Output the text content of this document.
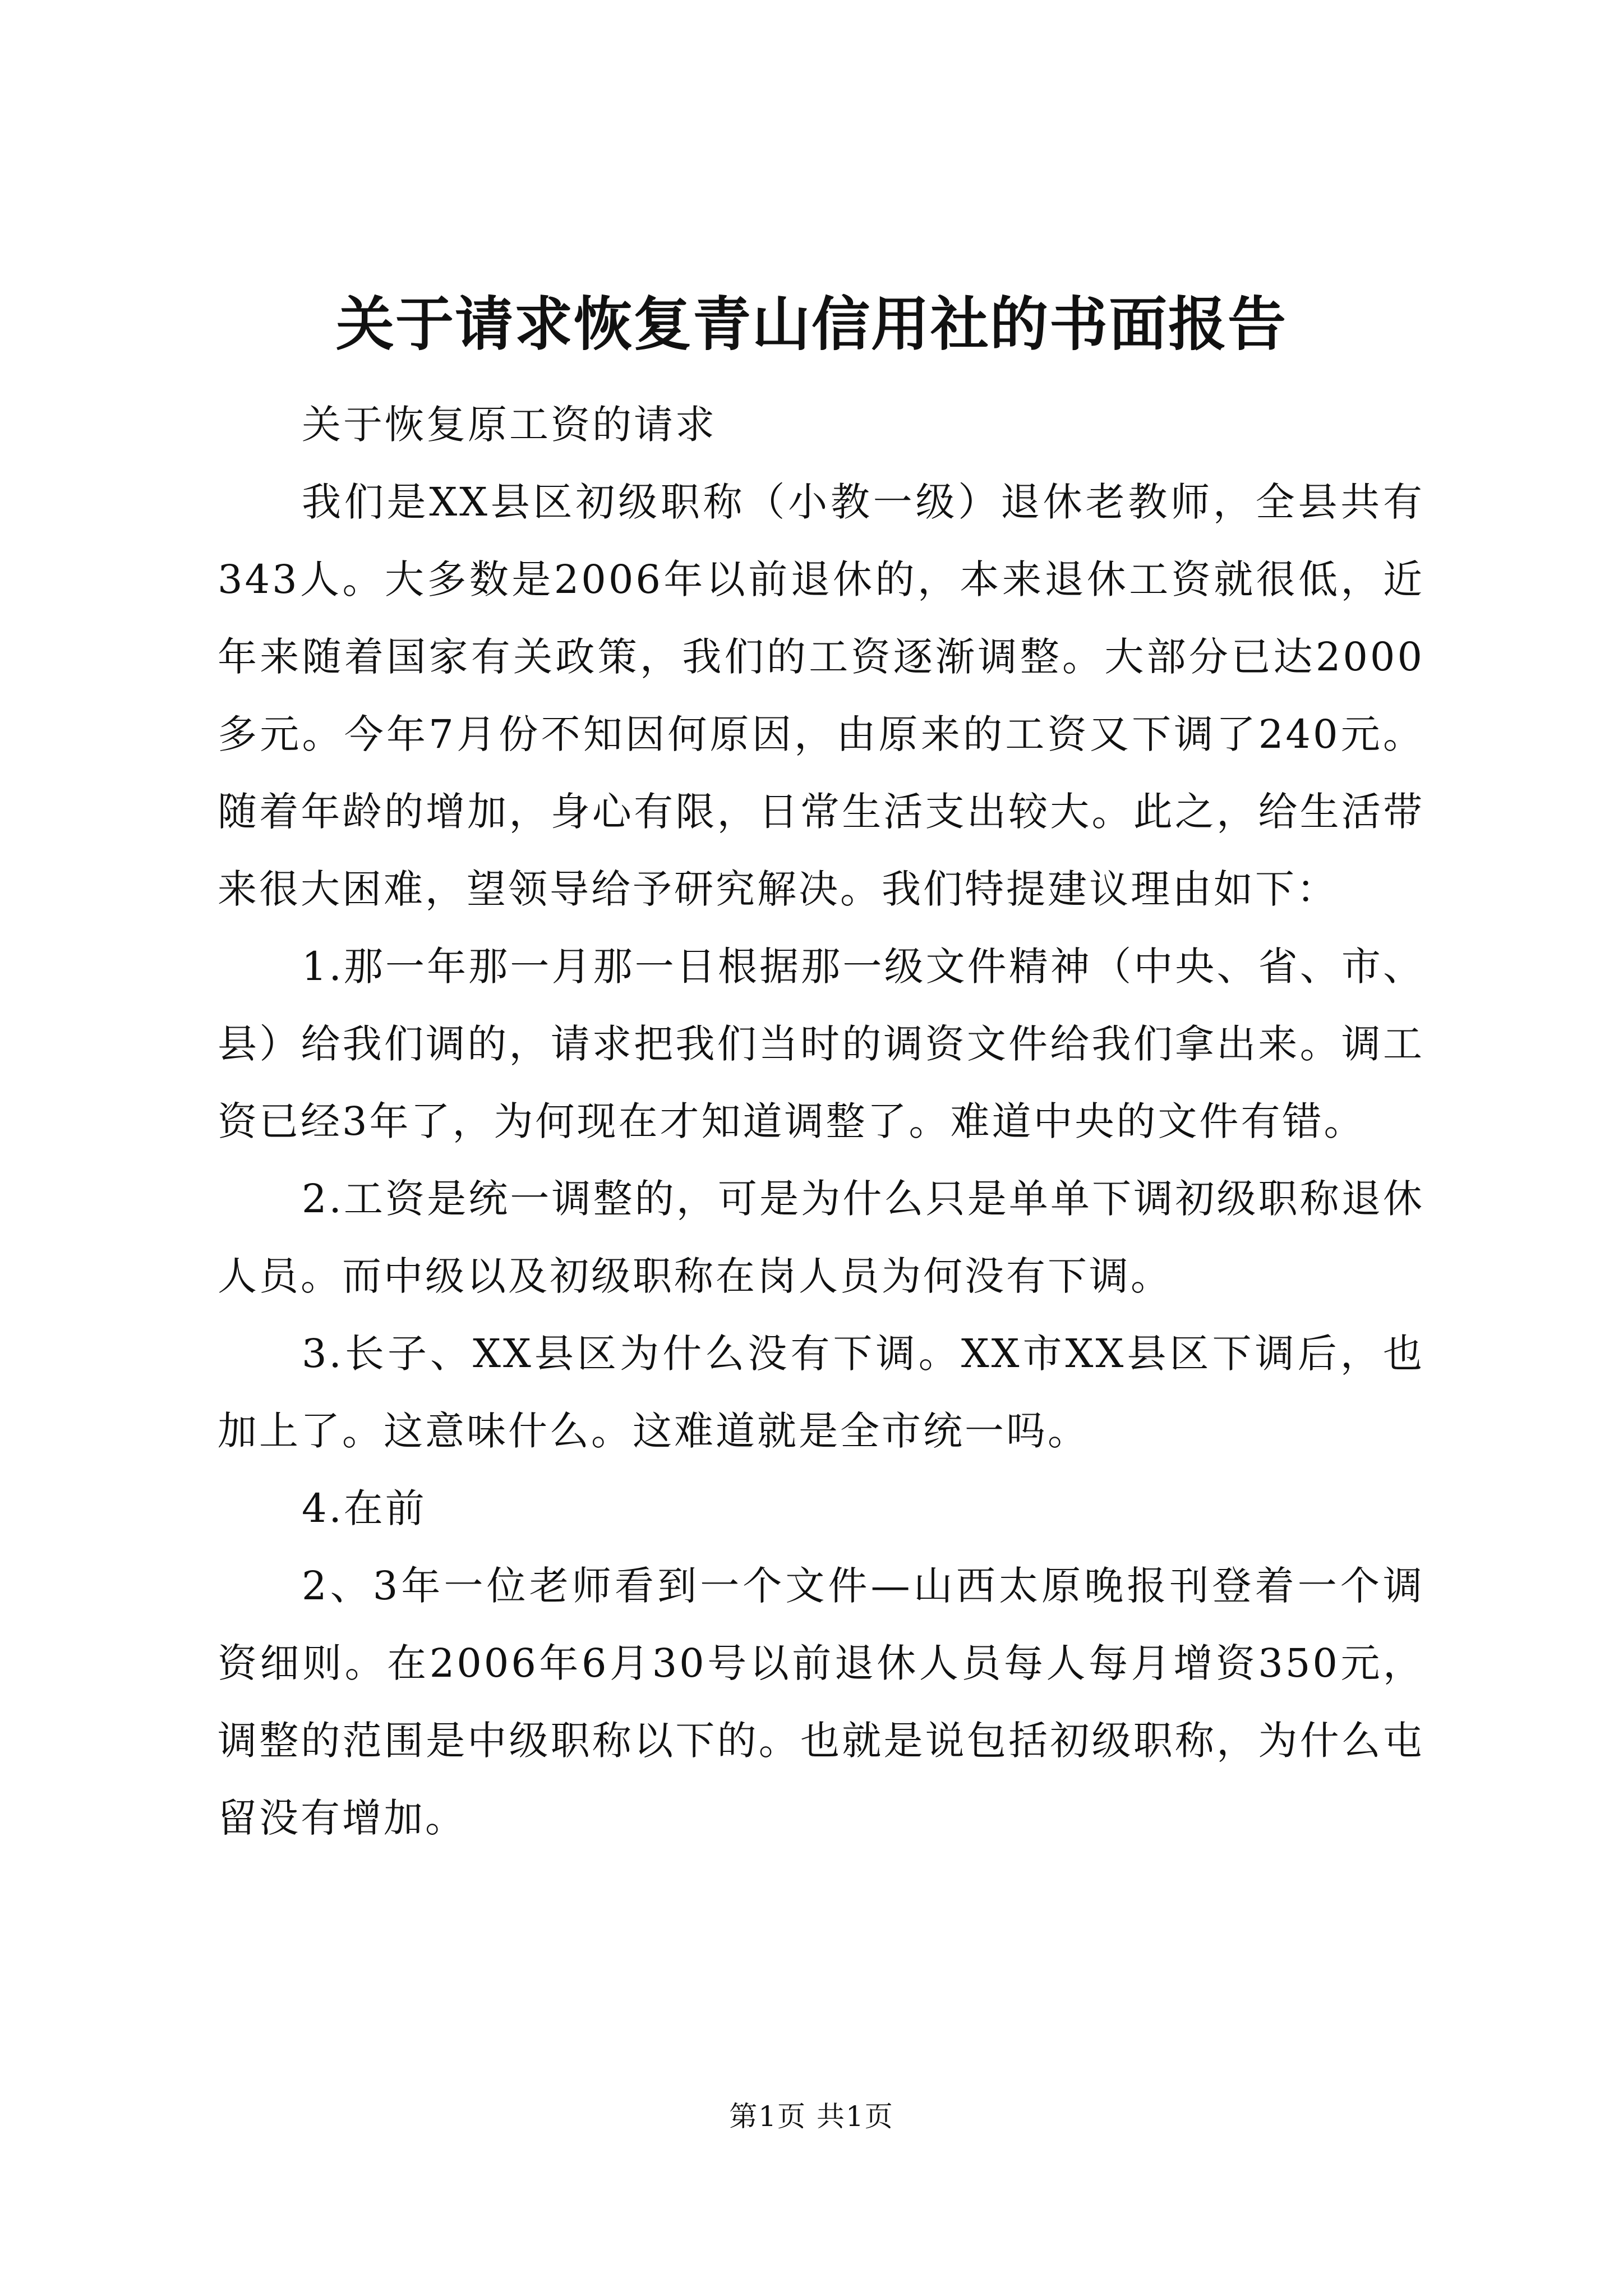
关于请求恢复青山信用社的书面报告

关于恢复原工资的请求

我们是XX县区初级职称（小教一级）退休老教师，全县共有343人。大多数是2006年以前退休的，本来退休工资就很低，近年来随着国家有关政策，我们的工资逐渐调整。大部分已达2000多元。今年7月份不知因何原因，由原来的工资又下调了240元。随着年龄的增加，身心有限，日常生活支出较大。此之，给生活带来很大困难，望领导给予研究解决。我们特提建议理由如下：

1.那一年那一月那一日根据那一级文件精神（中央、省、市、县）给我们调的，请求把我们当时的调资文件给我们拿出来。调工资已经3年了，为何现在才知道调整了。难道中央的文件有错。

2.工资是统一调整的，可是为什么只是单单下调初级职称退休人员。而中级以及初级职称在岗人员为何没有下调。

3.长子、XX县区为什么没有下调。XX市XX县区下调后，也加上了。这意味什么。这难道就是全市统一吗。

4.在前

2、3年一位老师看到一个文件—山西太原晚报刊登着一个调资细则。在2006年6月30号以前退休人员每人每月增资350元，调整的范围是中级职称以下的。也就是说包括初级职称，为什么屯留没有增加。

第1页 共1页
